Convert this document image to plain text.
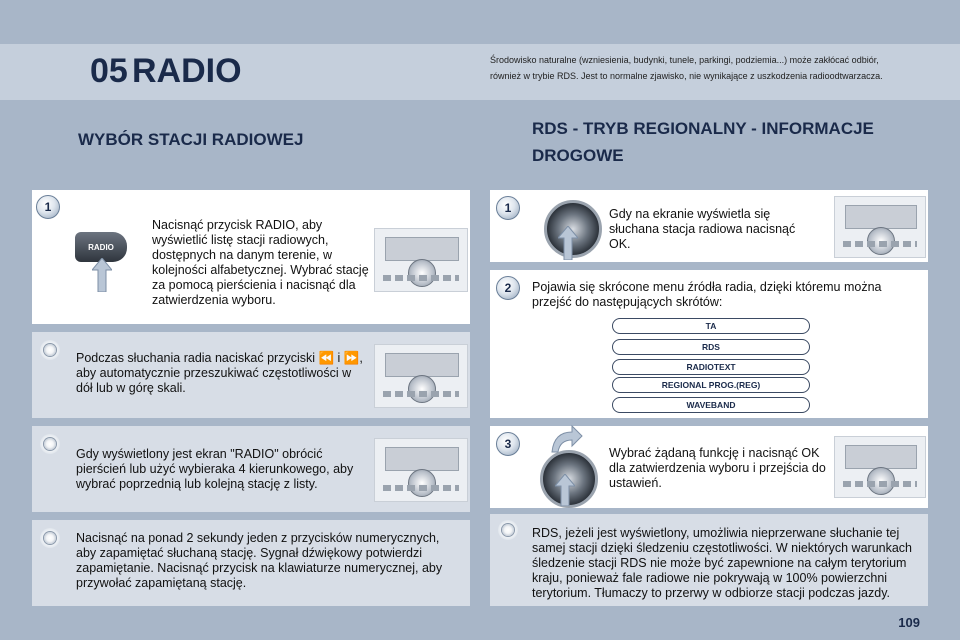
05 RADIO	Środowisko naturalne (wzniesienia, budynki, tunele, parkingi, podziemia...) może zakłócać odbiór, również w trybie RDS. Jest to normalne zjawisko, nie wynikające z uszkodzenia radioodtwarzacza.
WYBÓR STACJI RADIOWEJ
RDS - TRYB REGIONALNY - INFORMACJE DROGOWE
1
RADIO
Nacisnąć przycisk RADIO, aby wyświetlić listę stacji radiowych, dostępnych na danym terenie, w kolejności alfabetycznej. Wybrać stację za pomocą pierścienia i nacisnąć dla zatwierdzenia wyboru.
Podczas słuchania radia naciskać przyciski ⏪ i ⏩, aby automatycznie przeszukiwać częstotliwości w dół lub w górę skali.
Gdy wyświetlony jest ekran "RADIO" obrócić pierścień lub użyć wybieraka 4 kierunkowego, aby wybrać poprzednią lub kolejną stację z listy.
Nacisnąć na ponad 2 sekundy jeden z przycisków numerycznych, aby zapamiętać słuchaną stację. Sygnał dźwiękowy potwierdzi zapamiętanie. Nacisnąć przycisk na klawiaturze numerycznej, aby przywołać zapamiętaną stację.
1	Gdy na ekranie wyświetla się słuchana stacja radiowa nacisnąć OK.
2	Pojawia się skrócone menu źródła radia, dzięki któremu można przejść do następujących skrótów:
TA
RDS
RADIOTEXT
REGIONAL PROG.(REG)
WAVEBAND
3
Wybrać żądaną funkcję i nacisnąć OK dla zatwierdzenia wyboru i przejścia do ustawień.
RDS, jeżeli jest wyświetlony, umożliwia nieprzerwane słuchanie tej samej stacji dzięki śledzeniu częstotliwości. W niektórych warunkach śledzenie stacji RDS nie może być zapewnione na całym terytorium kraju, ponieważ fale radiowe nie pokrywają w 100% powierzchni terytorium. Tłumaczy to przerwy w odbiorze stacji podczas jazdy.
109
